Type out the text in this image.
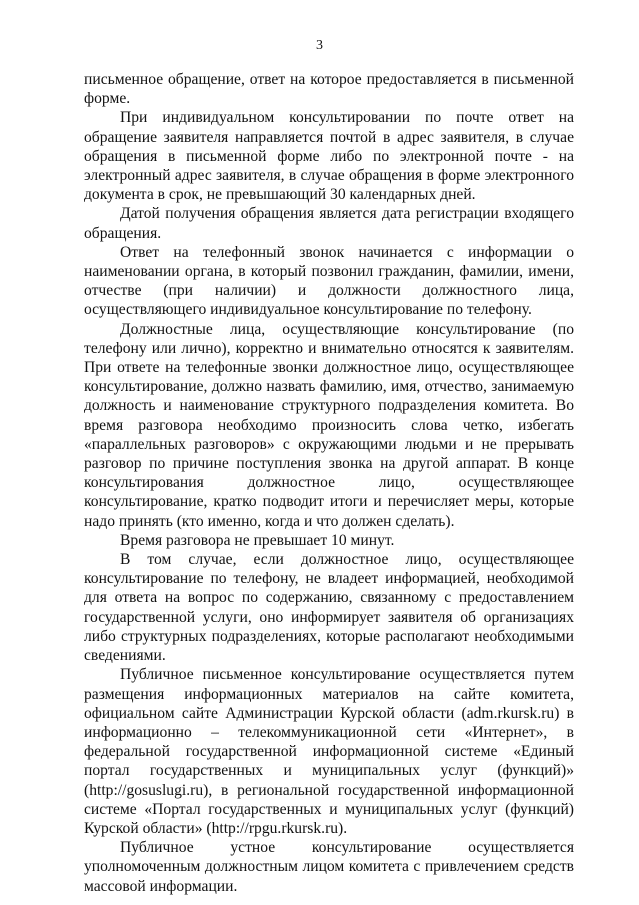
3

письменное обращение, ответ на которое предоставляется в письменной форме.

При индивидуальном консультировании по почте ответ на обращение заявителя направляется почтой в адрес заявителя, в случае обращения в письменной форме либо по электронной почте - на электронный адрес заявителя, в случае обращения в форме электронного документа в срок, не превышающий 30 календарных дней.

Датой получения обращения является дата регистрации входящего обращения.

Ответ на телефонный звонок начинается с информации о наименовании органа, в который позвонил гражданин, фамилии, имени, отчестве (при наличии) и должности должностного лица, осуществляющего индивидуальное консультирование по телефону.

Должностные лица, осуществляющие консультирование (по телефону или лично), корректно и внимательно относятся к заявителям. При ответе на телефонные звонки должностное лицо, осуществляющее консультирование, должно назвать фамилию, имя, отчество, занимаемую должность и наименование структурного подразделения комитета. Во время разговора необходимо произносить слова четко, избегать «параллельных разговоров» с окружающими людьми и не прерывать разговор по причине поступления звонка на другой аппарат. В конце консультирования должностное лицо, осуществляющее консультирование, кратко подводит итоги и перечисляет меры, которые надо принять (кто именно, когда и что должен сделать).

Время разговора не превышает 10 минут.

В том случае, если должностное лицо, осуществляющее консультирование по телефону, не владеет информацией, необходимой для ответа на вопрос по содержанию, связанному с предоставлением государственной услуги, оно информирует заявителя об организациях либо структурных подразделениях, которые располагают необходимыми сведениями.

Публичное письменное консультирование осуществляется путем размещения информационных материалов на сайте комитета, официальном сайте Администрации Курской области (adm.rkursk.ru) в информационно – телекоммуникационной сети «Интернет», в федеральной государственной информационной системе «Единый портал государственных и муниципальных услуг (функций)» (http://gosuslugi.ru), в региональной государственной информационной системе «Портал государственных и муниципальных услуг (функций) Курской области» (http://rpgu.rkursk.ru).

Публичное устное консультирование осуществляется уполномоченным должностным лицом комитета с привлечением средств массовой информации.
